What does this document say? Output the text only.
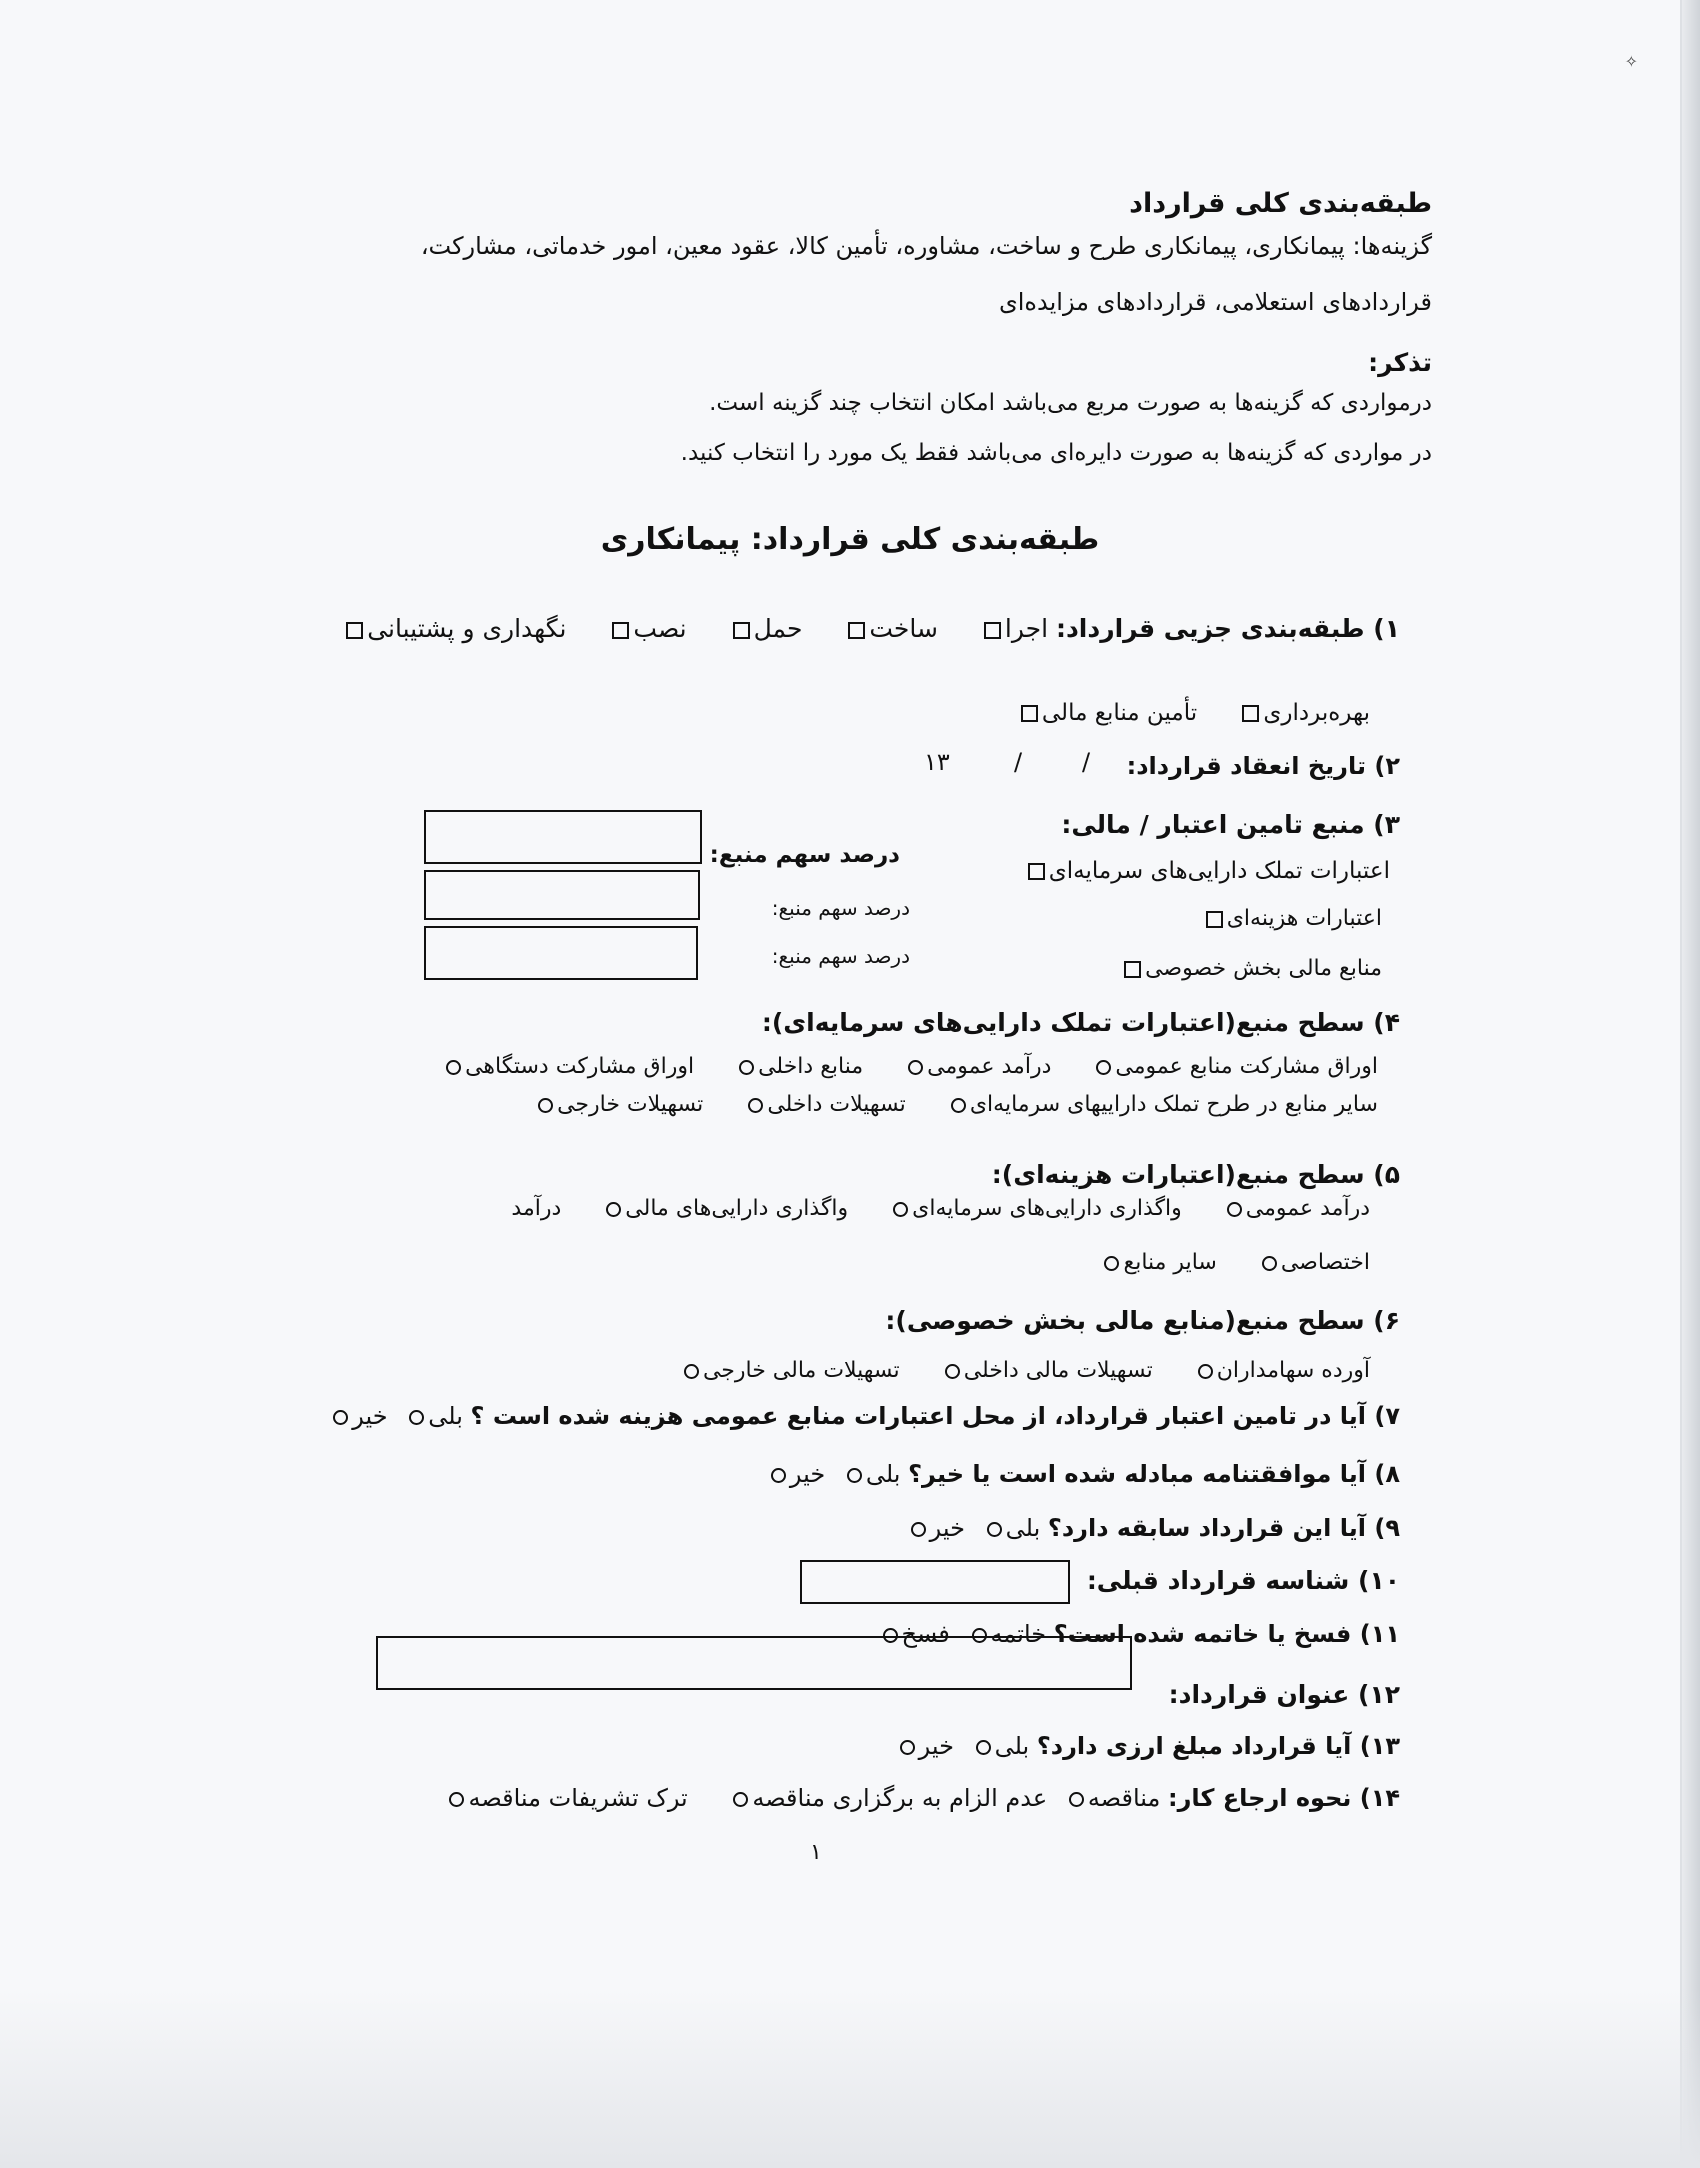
✧
طبقه‌بندی کلی قرارداد
گزینه‌ها: پیمانکاری، پیمانکاری طرح و ساخت، مشاوره، تأمین کالا، عقود معین، امور خدماتی، مشارکت،
قراردادهای استعلامی، قراردادهای مزایده‌ای
تذکر:
درمواردی که گزینه‌ها به صورت مربع می‌باشد امکان انتخاب چند گزینه است.
در مواردی که گزینه‌ها به صورت دایره‌ای می‌باشد فقط یک مورد را انتخاب کنید.
طبقه‌بندی کلی قرارداد: پیمانکاری
۱) طبقه‌بندی جزیی قرارداد: اجرا ساخت حمل نصب نگهداری و پشتیبانی
بهره‌برداری تأمین منابع مالی
۲) تاریخ انعقاد قرارداد:
/
/
۱۳
۳) منبع تامین اعتبار / مالی:
اعتبارات تملک دارایی‌های سرمایه‌ای
اعتبارات هزینه‌ای
منابع مالی بخش خصوصی
درصد سهم منبع:
درصد سهم منبع:
درصد سهم منبع:
۴) سطح منبع(اعتبارات تملک دارایی‌های سرمایه‌ای):
اوراق مشارکت منابع عمومی درآمد عمومی منابع داخلی اوراق مشارکت دستگاهی
سایر منابع در طرح تملک داراییهای سرمایه‌ای تسهیلات داخلی تسهیلات خارجی
۵) سطح منبع(اعتبارات هزینه‌ای):
درآمد عمومی واگذاری دارایی‌های سرمایه‌ای واگذاری دارایی‌های مالی درآمد
اختصاصی سایر منابع
۶) سطح منبع(منابع مالی بخش خصوصی):
آورده سهامداران تسهیلات مالی داخلی تسهیلات مالی خارجی
۷) آیا در تامین اعتبار قرارداد، از محل اعتبارات منابع عمومی هزینه شده است ؟ بلی خیر
۸) آیا موافقتنامه مبادله شده است یا خیر؟ بلی خیر
۹) آیا این قرارداد سابقه دارد؟ بلی خیر
۱۰) شناسه قرارداد قبلی:
۱۱) فسخ یا خاتمه شده است؟ خاتمه فسخ
۱۲) عنوان قرارداد:
۱۳) آیا قرارداد مبلغ ارزی دارد؟ بلی خیر
۱۴) نحوه ارجاع کار: مناقصه عدم الزام به برگزاری مناقصه ترک تشریفات مناقصه
۱
